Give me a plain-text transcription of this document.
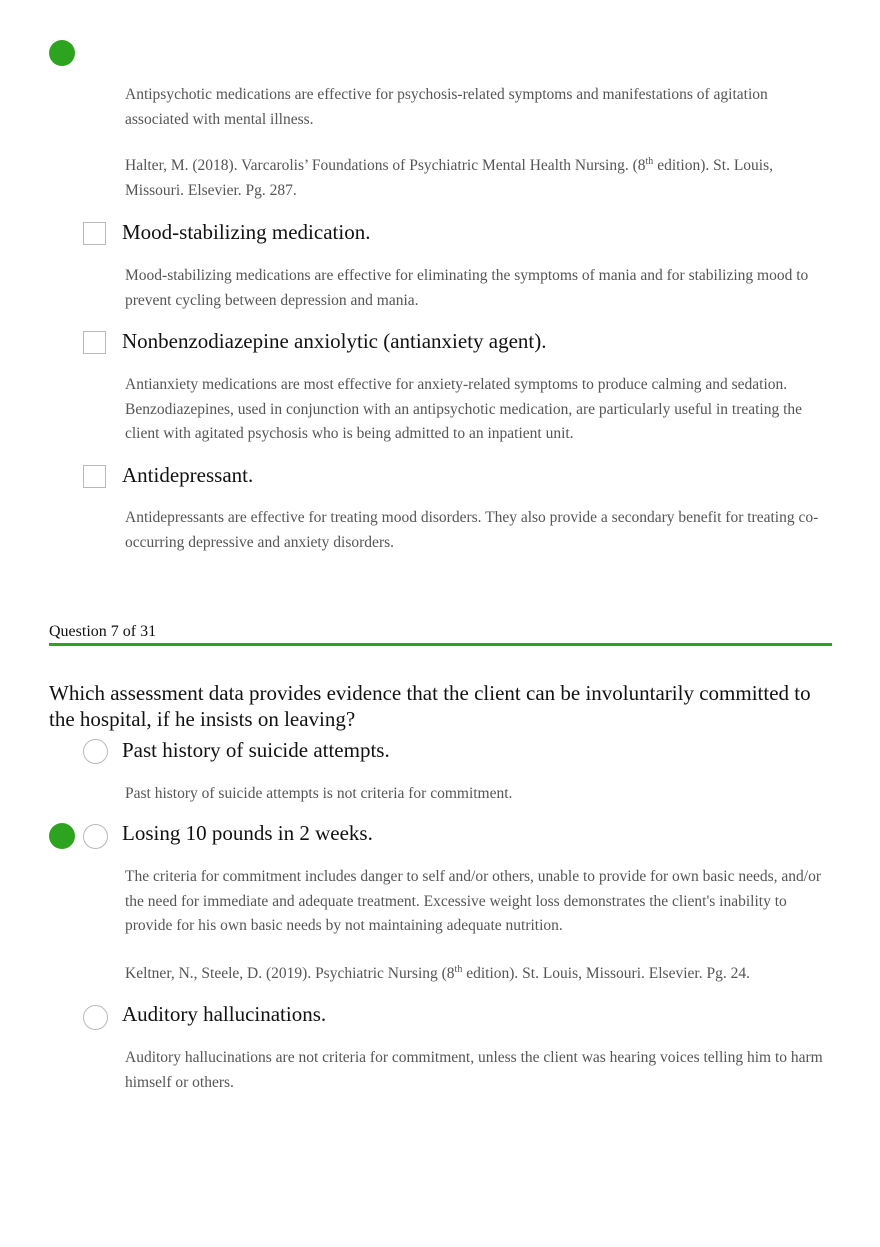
Antipsychotic medications are effective for psychosis-related symptoms and manifestations of agitation associated with mental illness.
Halter, M. (2018). Varcarolis’ Foundations of Psychiatric Mental Health Nursing. (8th edition). St. Louis, Missouri. Elsevier. Pg. 287.
Mood-stabilizing medication.
Mood-stabilizing medications are effective for eliminating the symptoms of mania and for stabilizing mood to prevent cycling between depression and mania.
Nonbenzodiazepine anxiolytic (antianxiety agent).
Antianxiety medications are most effective for anxiety-related symptoms to produce calming and sedation. Benzodiazepines, used in conjunction with an antipsychotic medication, are particularly useful in treating the client with agitated psychosis who is being admitted to an inpatient unit.
Antidepressant.
Antidepressants are effective for treating mood disorders. They also provide a secondary benefit for treating co-occurring depressive and anxiety disorders.
Question 7 of 31
Which assessment data provides evidence that the client can be involuntarily committed to the hospital, if he insists on leaving?
Past history of suicide attempts.
Past history of suicide attempts is not criteria for commitment.
Losing 10 pounds in 2 weeks.
The criteria for commitment includes danger to self and/or others, unable to provide for own basic needs, and/or the need for immediate and adequate treatment. Excessive weight loss demonstrates the client's inability to provide for his own basic needs by not maintaining adequate nutrition.
Keltner, N., Steele, D. (2019). Psychiatric Nursing (8th edition). St. Louis, Missouri. Elsevier. Pg. 24.
Auditory hallucinations.
Auditory hallucinations are not criteria for commitment, unless the client was hearing voices telling him to harm himself or others.
